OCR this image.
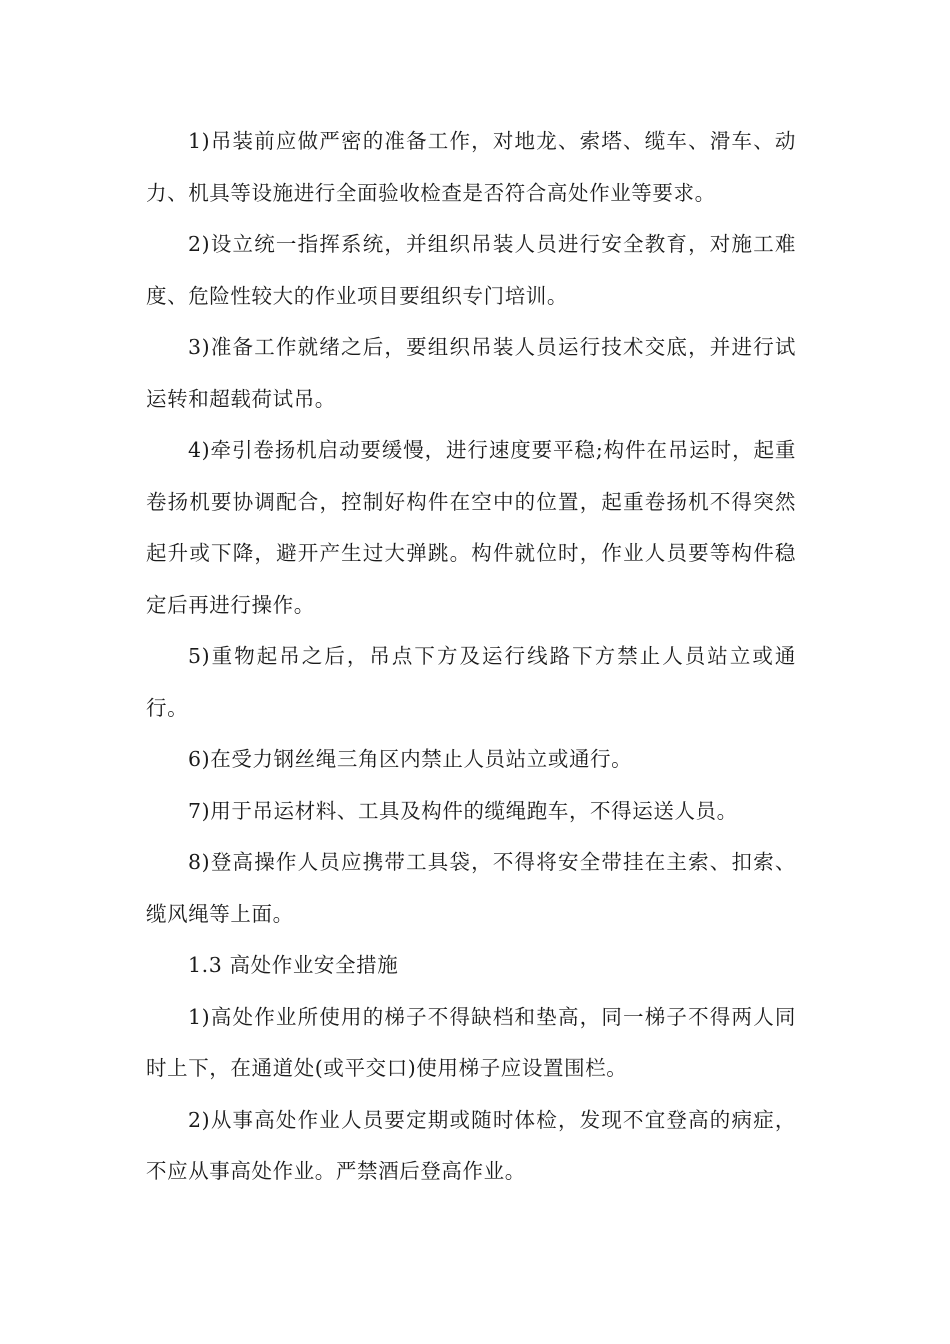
1)吊装前应做严密的准备工作，对地龙、索塔、缆车、滑车、动力、机具等设施进行全面验收检查是否符合高处作业等要求。

2)设立统一指挥系统，并组织吊装人员进行安全教育，对施工难度、危险性较大的作业项目要组织专门培训。

3)准备工作就绪之后，要组织吊装人员运行技术交底，并进行试运转和超载荷试吊。

4)牵引卷扬机启动要缓慢，进行速度要平稳;构件在吊运时，起重卷扬机要协调配合，控制好构件在空中的位置，起重卷扬机不得突然起升或下降，避开产生过大弹跳。构件就位时，作业人员要等构件稳定后再进行操作。

5)重物起吊之后，吊点下方及运行线路下方禁止人员站立或通行。

6)在受力钢丝绳三角区内禁止人员站立或通行。

7)用于吊运材料、工具及构件的缆绳跑车，不得运送人员。

8)登高操作人员应携带工具袋，不得将安全带挂在主索、扣索、缆风绳等上面。

1.3 高处作业安全措施

1)高处作业所使用的梯子不得缺档和垫高，同一梯子不得两人同时上下，在通道处(或平交口)使用梯子应设置围栏。

2)从事高处作业人员要定期或随时体检，发现不宜登高的病症，不应从事高处作业。严禁酒后登高作业。
